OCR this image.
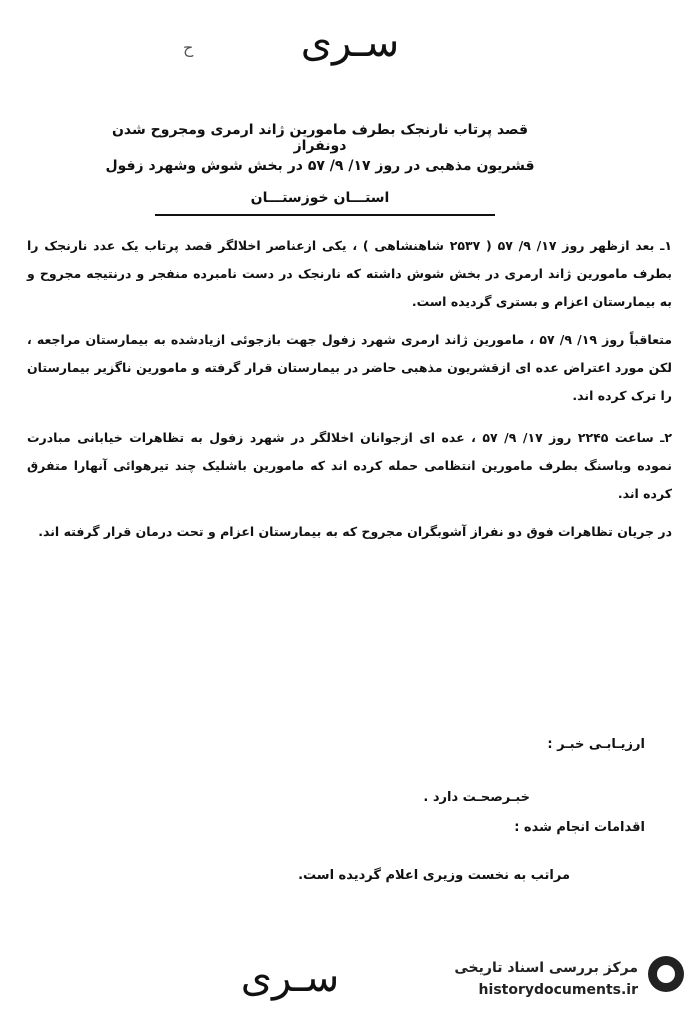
سـری
ح
قصد پرتاب نارنجک بطرف مامورین ژاند ارمری ومجروح شدن دونفراز
قشریون مذهبی در روز ۱۷/ ۹/ ۵۷ در بخش شوش وشهرد زفول
استـــان خوزستـــان
۱ـ بعد ازظهر روز ۱۷/ ۹/ ۵۷ ( ۲۵۳۷ شاهنشاهی ) ، یکی ازعناصر اخلالگر قصد پرتاب یک عدد نارنجک را بطرف مامورین ژاند ارمری در بخش شوش داشته که نارنجک در دست نامبرده منفجر و درنتیجه مجروح و به بیمارستان اعزام و بستری گردیده است.
متعاقباً روز ۱۹/ ۹/ ۵۷ ، مامورین ژاند ارمری شهرد زفول جهت بازجوئی ازیادشده به بیمارستان مراجعه ، لکن مورد اعتراض عده ای ازقشریون مذهبی حاضر در بیمارستان قرار گرفته و مامورین ناگزیر بیمارستان را ترک کرده اند.
۲ـ ساعت ۲۲۴۵ روز ۱۷/ ۹/ ۵۷ ، عده ای ازجوانان اخلالگر در شهرد زفول به تظاهرات خیابانی مبادرت نموده وباسنگ بطرف مامورین انتظامی حمله کرده اند که مامورین باشلیک چند تیرهوائی آنهارا متفرق کرده اند.
در جریان تظاهرات فوق دو نفراز آشوبگران مجروح که به بیمارستان اعزام و تحت درمان قرار گرفته اند.
ارزیـابـی خبـر :
خبـرصحـت دارد .
اقدامات انجام شده :
مراتب به نخست وزیری اعلام گردیده است.
سـری	مرکز بررسی اسناد تاریخی
historydocuments.ir
